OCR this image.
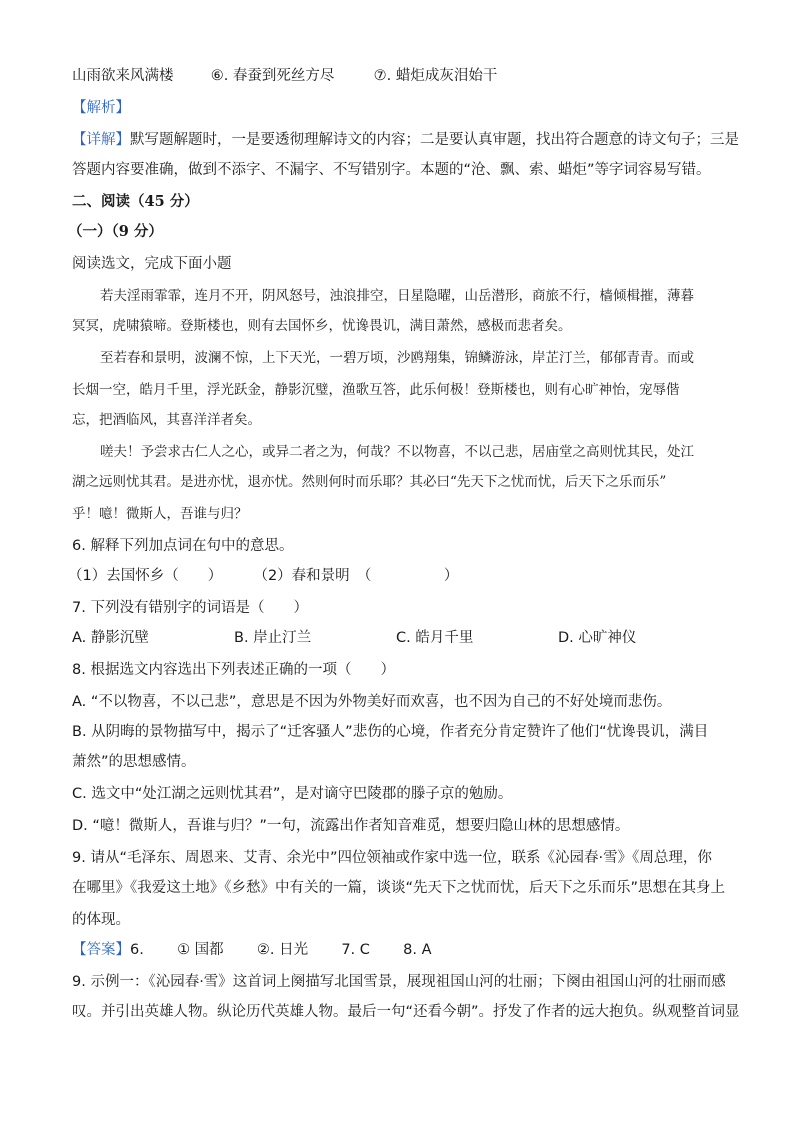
山雨欲来风满楼	⑥. 春蚕到死丝方尽	⑦. 蜡炬成灰泪始干
【解析】
【详解】默写题解题时，一是要透彻理解诗文的内容；二是要认真审题，找出符合题意的诗文句子；三是
答题内容要准确，做到不添字、不漏字、不写错别字。本题的“沧、飘、索、蜡炬”等字词容易写错。
二、阅读（45 分）
（一）（9 分）
阅读选文，完成下面小题
若夫淫雨霏霏，连月不开，阴风怒号，浊浪排空，日星隐曜，山岳潜形，商旅不行，樯倾楫摧，薄暮
冥冥，虎啸猿啼。登斯楼也，则有去国怀乡，忧谗畏讥，满目萧然，感极而悲者矣。
至若春和景明，波澜不惊，上下天光，一碧万顷，沙鸥翔集，锦鳞游泳，岸芷汀兰，郁郁青青。而或
长烟一空，皓月千里，浮光跃金，静影沉璧，渔歌互答，此乐何极！登斯楼也，则有心旷神怡，宠辱偕
忘，把酒临风，其喜洋洋者矣。
嗟夫！予尝求古仁人之心，或异二者之为，何哉？不以物喜，不以己悲，居庙堂之高则忧其民，处江
湖之远则忧其君。是进亦忧，退亦忧。然则何时而乐耶？其必曰“先天下之忧而忧，后天下之乐而乐”
乎！噫！微斯人，吾谁与归？
6. 解释下列加点词在句中的意思。
（1）去国怀乡（　　） （2）春和景明　（　　　　　）
7. 下列没有错别字的词语是（　　）
A. 静影沉壁	B. 岸止汀兰	C. 皓月千里	D. 心旷神仪
8. 根据选文内容选出下列表述正确的一项（　　）
A. “不以物喜，不以己悲”，意思是不因为外物美好而欢喜，也不因为自己的不好处境而悲伤。
B. 从阴晦的景物描写中，揭示了“迁客骚人”悲伤的心境，作者充分肯定赞许了他们“忧谗畏讥，满目
萧然”的思想感情。
C. 选文中“处江湖之远则忧其君”，是对谪守巴陵郡的滕子京的勉励。
D. “噫！微斯人，吾谁与归？”一句，流露出作者知音难觅，想要归隐山林的思想感情。
9. 请从“毛泽东、周恩来、艾青、余光中”四位领袖或作家中选一位，联系《沁园春·雪》《周总理，你
在哪里》《我爱这土地》《乡愁》中有关的一篇，谈谈“先天下之忧而忧，后天下之乐而乐”思想在其身上
的体现。
【答案】6. ① 国都 ②. 日光 7. C 8. A
9. 示例一：《沁园春·雪》这首词上阕描写北国雪景，展现祖国山河的壮丽；下阕由祖国山河的壮丽而感
叹。并引出英雄人物。纵论历代英雄人物。最后一句“还看今朝”。抒发了作者的远大抱负。纵观整首词显
